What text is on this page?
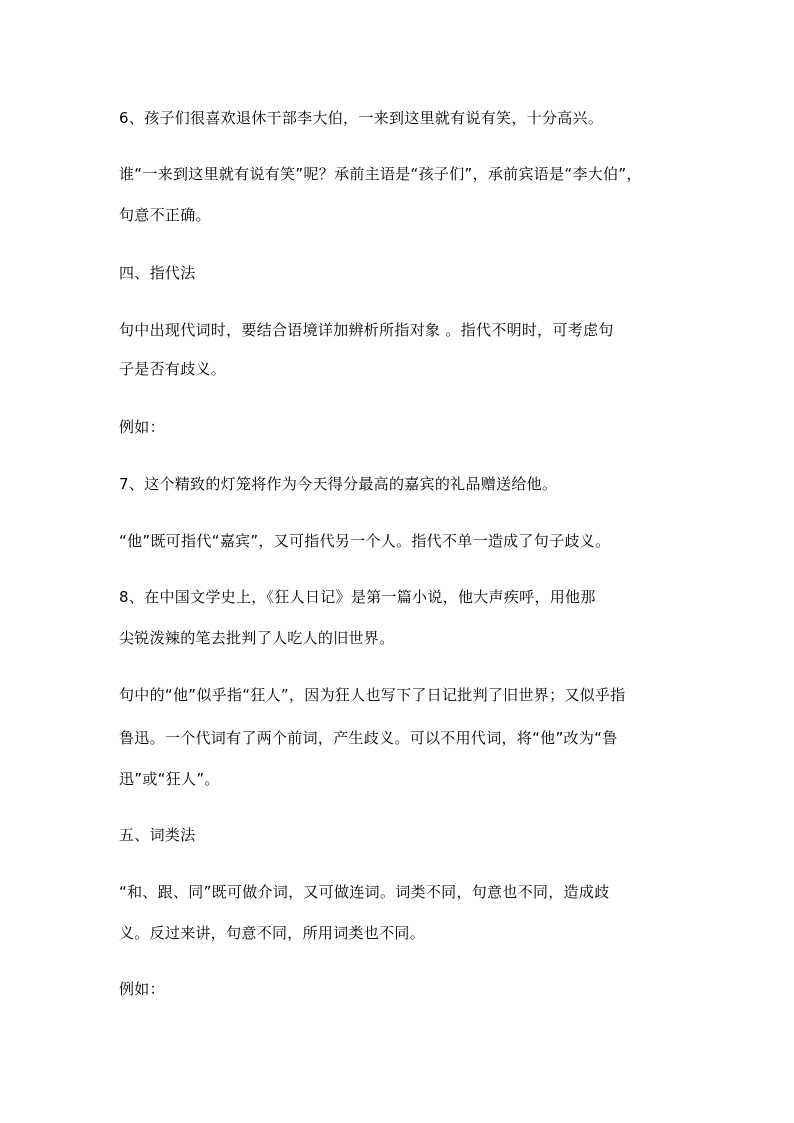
6、孩子们很喜欢退休干部李大伯，一来到这里就有说有笑，十分高兴。
谁“一来到这里就有说有笑”呢？承前主语是“孩子们”，承前宾语是“李大伯”，
句意不正确。
四、指代法
句中出现代词时，要结合语境详加辨析所指对象 。指代不明时，可考虑句
子是否有歧义。
例如：
7、这个精致的灯笼将作为今天得分最高的嘉宾的礼品赠送给他。
“他”既可指代“嘉宾”，又可指代另一个人。指代不单一造成了句子歧义。
8、在中国文学史上，《狂人日记》是第一篇小说，他大声疾呼，用他那
尖锐泼辣的笔去批判了人吃人的旧世界。
句中的“他”似乎指“狂人”，因为狂人也写下了日记批判了旧世界；又似乎指
鲁迅。一个代词有了两个前词，产生歧义。可以不用代词，将“他”改为“鲁
迅”或“狂人”。
五、词类法
“和、跟、同”既可做介词，又可做连词。词类不同，句意也不同，造成歧
义。反过来讲，句意不同，所用词类也不同。
例如：
